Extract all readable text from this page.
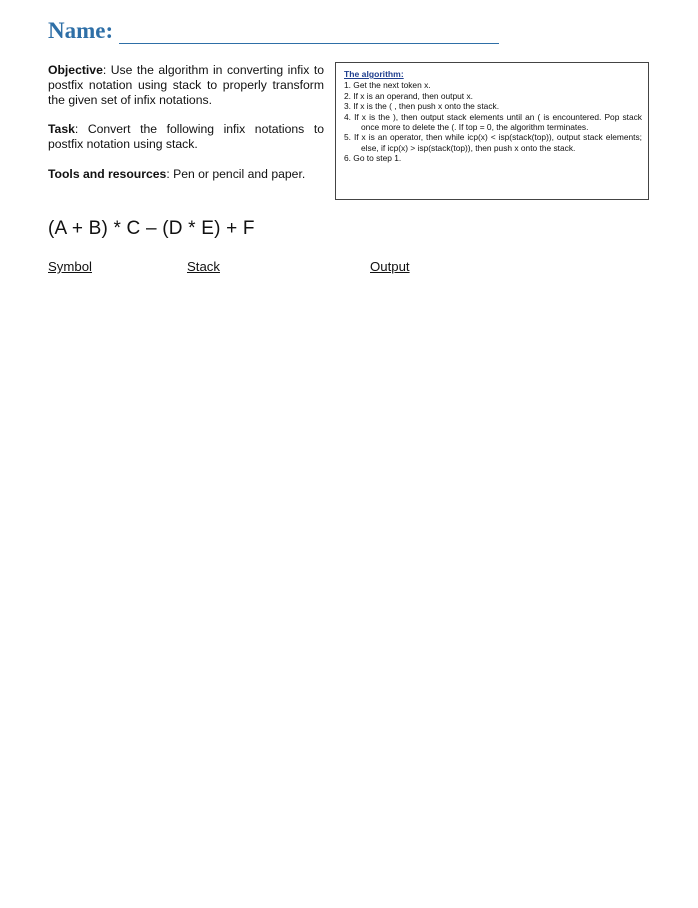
Name:

Objective: Use the algorithm in converting infix to postfix notation using stack to properly transform the given set of infix notations.

Task: Convert the following infix notations to postfix notation using stack.

Tools and resources: Pen or pencil and paper.

The algorithm:
1. Get the next token x.
2. If x is an operand, then output x.
3. If x is the ( , then push x onto the stack.
4. If x is the ), then output stack elements until an ( is encountered. Pop stack once more to delete the (. If top = 0, the algorithm terminates.
5. If x is an operator, then while icp(x) < isp(stack(top)), output stack elements; else, if icp(x) > isp(stack(top)), then push x onto the stack.
6. Go to step 1.
(A + B) * C – (D * E) + F
Symbol	Stack	Output
